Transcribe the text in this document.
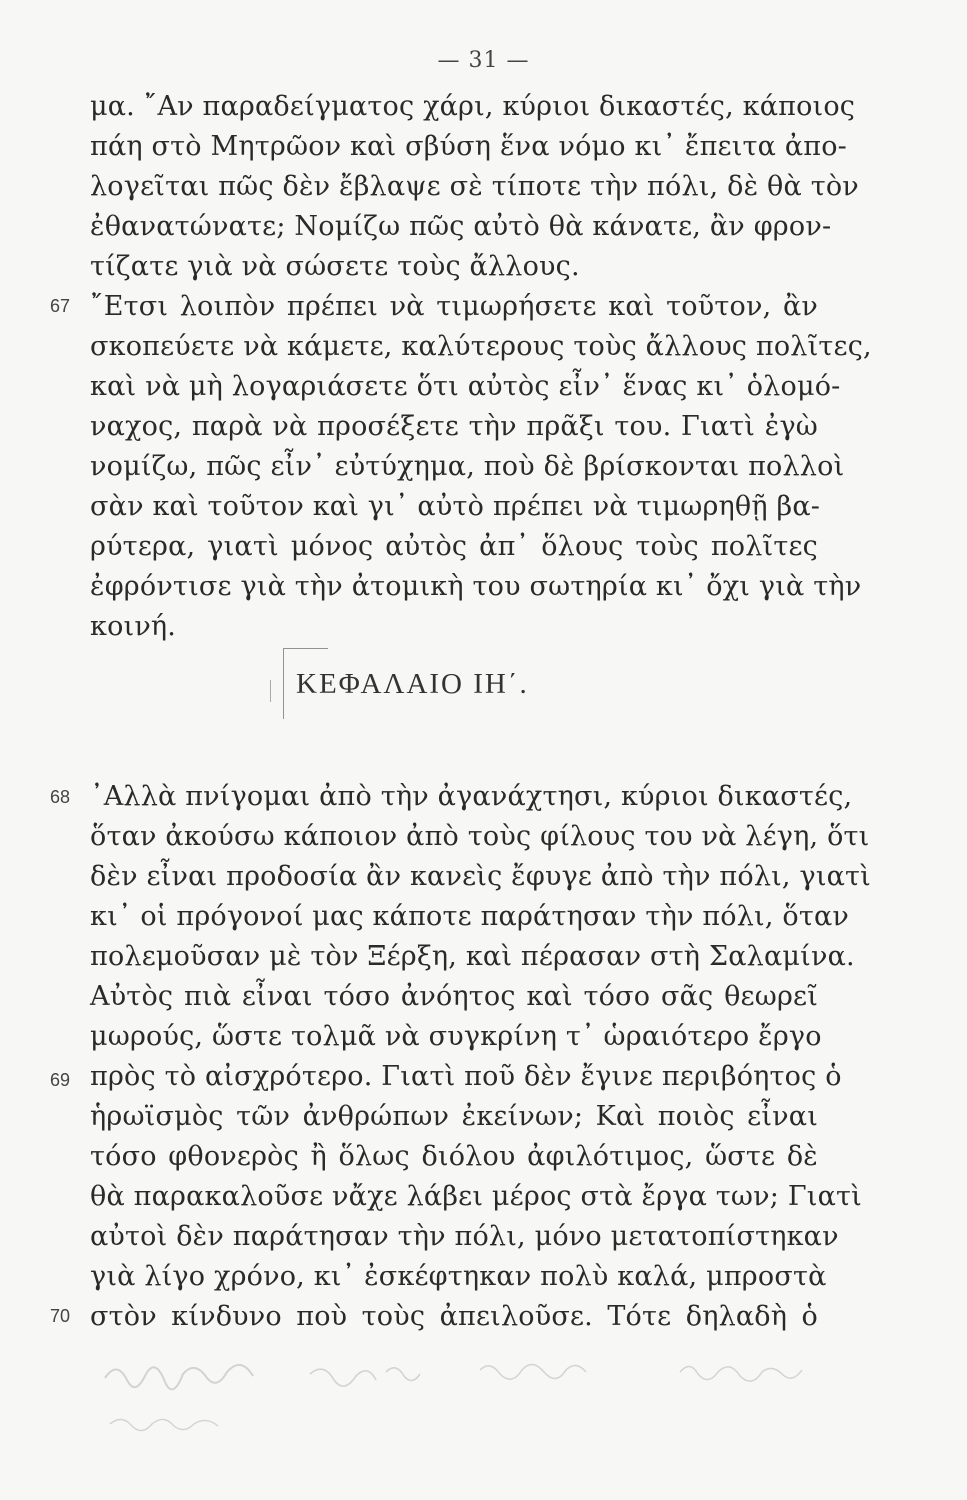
— 31 —
μα. ῎Αν παραδείγματος χάρι, κύριοι δικαστές, κάποιος
πάη στὸ Μητρῶον καὶ σβύση ἕνα νόμο κι᾿ ἔπειτα ἀπο-
λογεῖται πῶς δὲν ἔβλαψε σὲ τίποτε τὴν πόλι, δὲ θὰ τὸν
ἐθανατώνατε; Νομίζω πῶς αὐτὸ θὰ κάνατε, ἂν φρον-
τίζατε γιὰ νὰ σώσετε τοὺς ἄλλους.
67 ῎Ετσι λοιπὸν πρέπει νὰ τιμωρήσετε καὶ τοῦτον, ἂν
σκοπεύετε νὰ κάμετε, καλύτερους τοὺς ἄλλους πολῖτες,
καὶ νὰ μὴ λογαριάσετε ὅτι αὐτὸς εἶν᾿ ἕνας κι᾿ ὁλομό-
ναχος, παρὰ νὰ προσέξετε τὴν πρᾶξι του. Γιατὶ ἐγὼ
νομίζω, πῶς εἶν᾿ εὐτύχημα, ποὺ δὲ βρίσκονται πολλοὶ
σὰν καὶ τοῦτον καὶ γι᾿ αὐτὸ πρέπει νὰ τιμωρηθῇ βα-
ρύτερα, γιατὶ μόνος αὐτὸς ἀπ᾿ ὅλους τοὺς πολῖτες
ἐφρόντισε γιὰ τὴν ἀτομικὴ του σωτηρία κι᾿ ὄχι γιὰ τὴν
κοινή.
ΚΕΦΑΛΑΙΟ ΙΗ΄.
68 ᾿Αλλὰ πνίγομαι ἀπὸ τὴν ἀγανάχτησι, κύριοι δικαστές,
ὅταν ἀκούσω κάποιον ἀπὸ τοὺς φίλους του νὰ λέγη, ὅτι
δὲν εἶναι προδοσία ἂν κανεὶς ἔφυγε ἀπὸ τὴν πόλι, γιατὶ
κι᾿ οἱ πρόγονοί μας κάποτε παράτησαν τὴν πόλι, ὅταν
πολεμοῦσαν μὲ τὸν Ξέρξη, καὶ πέρασαν στὴ Σαλαμίνα.
Αὐτὸς πιὰ εἶναι τόσο ἀνόητος καὶ τόσο σᾶς θεωρεῖ
μωρούς, ὥστε τολμᾶ νὰ συγκρίνη τ᾿ ὡραιότερο ἔργο
69 πρὸς τὸ αἰσχρότερο. Γιατὶ ποῦ δὲν ἔγινε περιβόητος ὁ
ἡρωϊσμὸς τῶν ἀνθρώπων ἐκείνων; Καὶ ποιὸς εἶναι
τόσο φθονερὸς ἢ ὅλως διόλου ἀφιλότιμος, ὥστε δὲ
θὰ παρακαλοῦσε νἄχε λάβει μέρος στὰ ἔργα των; Γιατὶ
αὐτοὶ δὲν παράτησαν τὴν πόλι, μόνο μετατοπίστηκαν
γιὰ λίγο χρόνο, κι᾿ ἐσκέφτηκαν πολὺ καλά, μπροστὰ
70 στὸν κίνδυνο ποὺ τοὺς ἀπειλοῦσε. Τότε δηλαδὴ ὁ
